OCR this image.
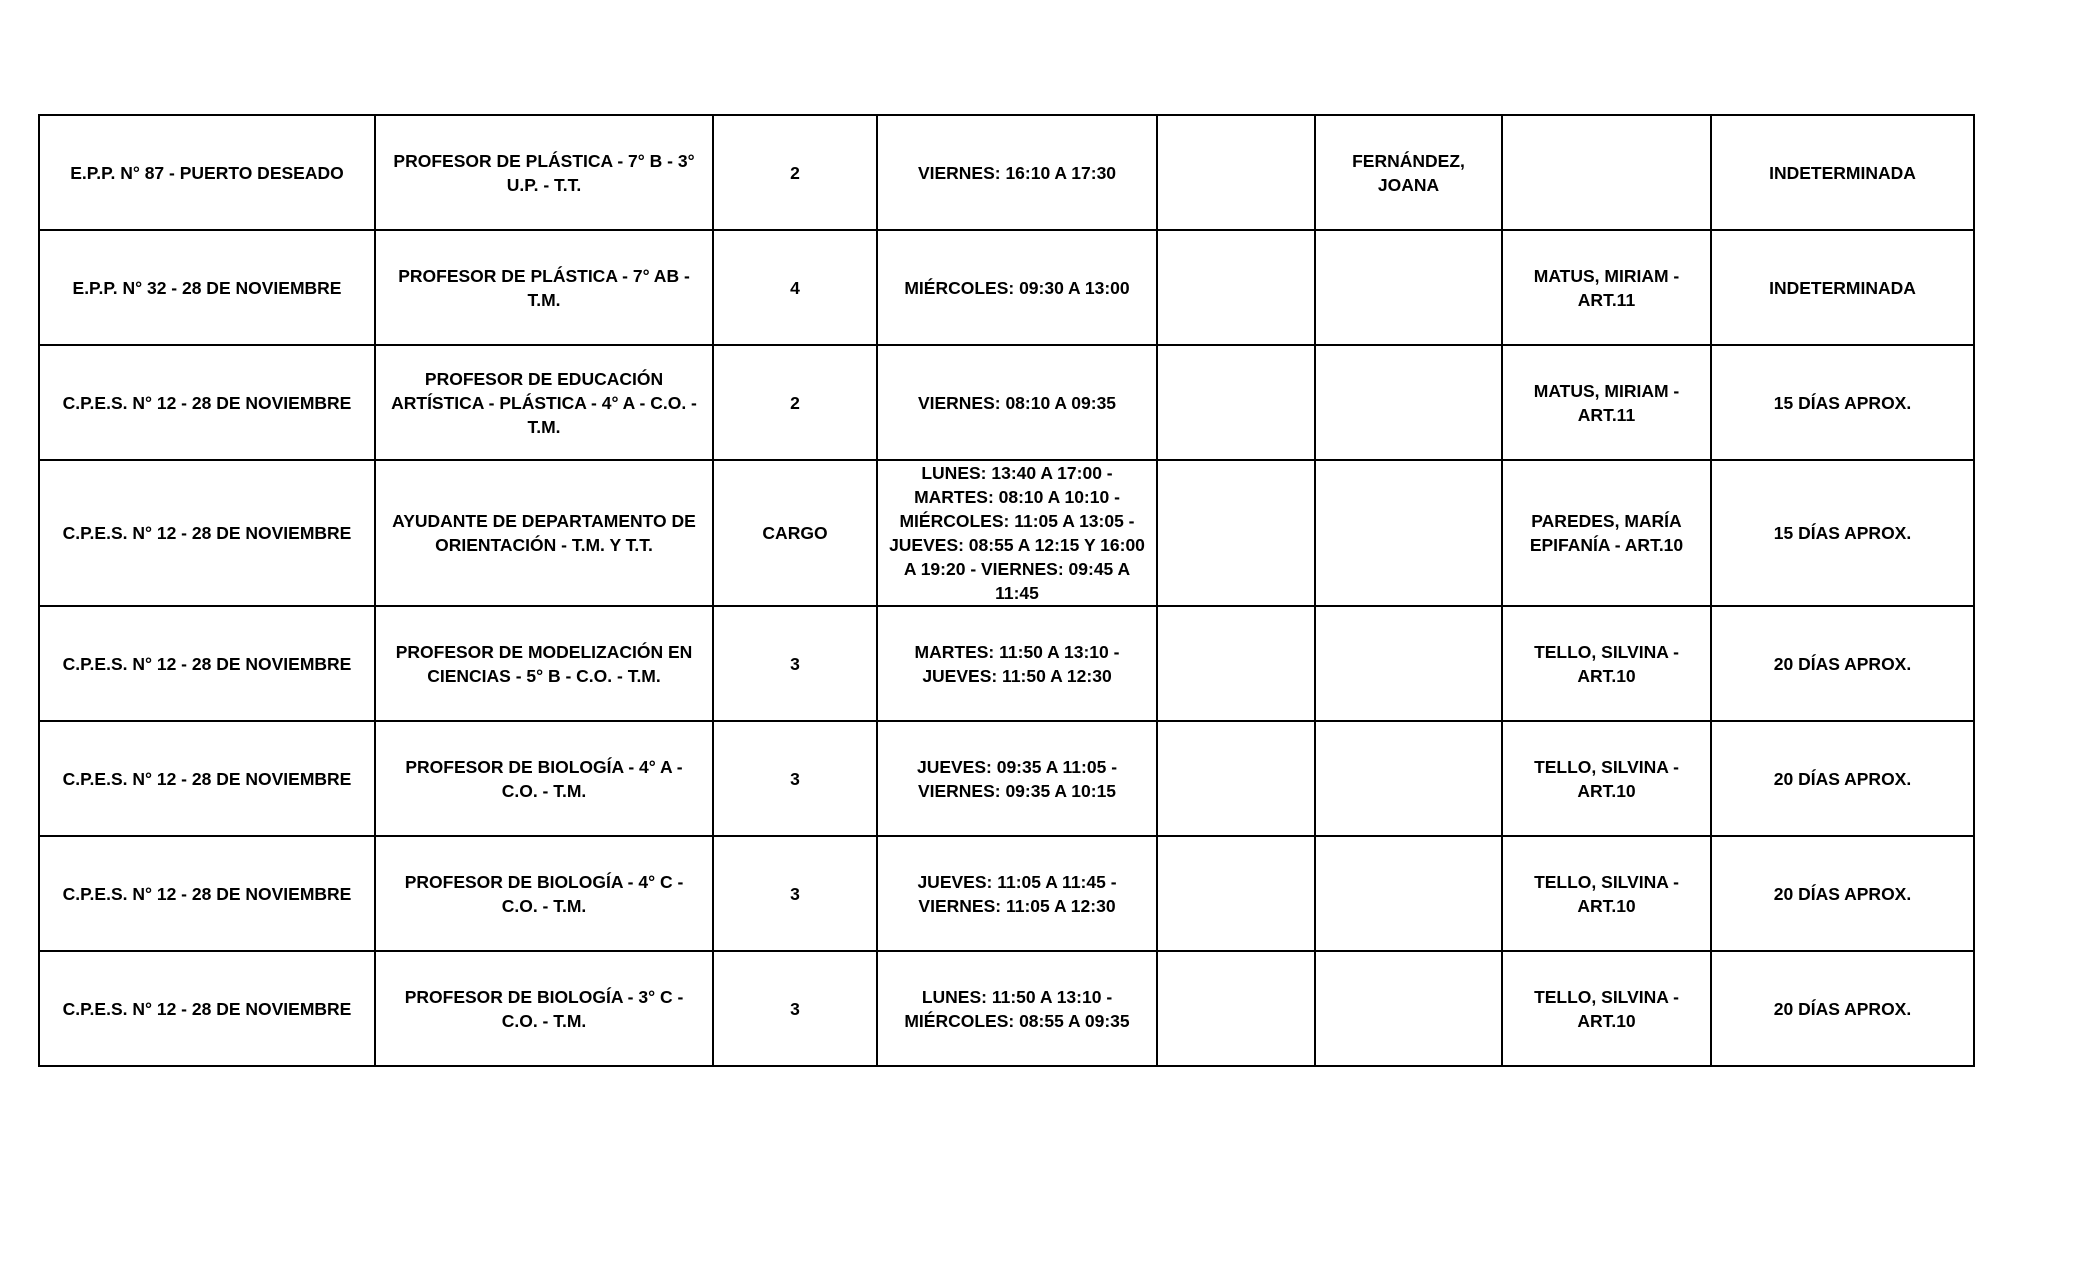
E.P.P. N° 87 - PUERTO DESEADO	PROFESOR DE PLÁSTICA - 7° B - 3° U.P. - T.T.	2	VIERNES: 16:10 A 17:30		FERNÁNDEZ, JOANA		INDETERMINADA
E.P.P. N° 32 - 28 DE NOVIEMBRE	PROFESOR DE PLÁSTICA - 7° AB - T.M.	4	MIÉRCOLES: 09:30 A 13:00			MATUS, MIRIAM - ART.11	INDETERMINADA
C.P.E.S. N° 12 - 28 DE NOVIEMBRE	PROFESOR DE EDUCACIÓN ARTÍSTICA - PLÁSTICA - 4° A - C.O. - T.M.	2	VIERNES: 08:10 A 09:35			MATUS, MIRIAM - ART.11	15 DÍAS APROX.
C.P.E.S. N° 12 - 28 DE NOVIEMBRE	AYUDANTE DE DEPARTAMENTO DE ORIENTACIÓN - T.M. Y T.T.	CARGO	LUNES: 13:40 A 17:00 - MARTES: 08:10 A 10:10 - MIÉRCOLES: 11:05 A 13:05 - JUEVES: 08:55 A 12:15 Y 16:00 A 19:20 - VIERNES: 09:45 A 11:45			PAREDES, MARÍA EPIFANÍA - ART.10	15 DÍAS APROX.
C.P.E.S. N° 12 - 28 DE NOVIEMBRE	PROFESOR DE MODELIZACIÓN EN CIENCIAS - 5° B - C.O. - T.M.	3	MARTES: 11:50 A 13:10 - JUEVES: 11:50 A 12:30			TELLO, SILVINA - ART.10	20 DÍAS APROX.
C.P.E.S. N° 12 - 28 DE NOVIEMBRE	PROFESOR DE BIOLOGÍA - 4° A - C.O. - T.M.	3	JUEVES: 09:35 A 11:05 - VIERNES: 09:35 A 10:15			TELLO, SILVINA - ART.10	20 DÍAS APROX.
C.P.E.S. N° 12 - 28 DE NOVIEMBRE	PROFESOR DE BIOLOGÍA - 4° C - C.O. - T.M.	3	JUEVES: 11:05 A 11:45 - VIERNES: 11:05 A 12:30			TELLO, SILVINA - ART.10	20 DÍAS APROX.
C.P.E.S. N° 12 - 28 DE NOVIEMBRE	PROFESOR DE BIOLOGÍA - 3° C - C.O. - T.M.	3	LUNES: 11:50 A 13:10 - MIÉRCOLES: 08:55 A 09:35			TELLO, SILVINA - ART.10	20 DÍAS APROX.
